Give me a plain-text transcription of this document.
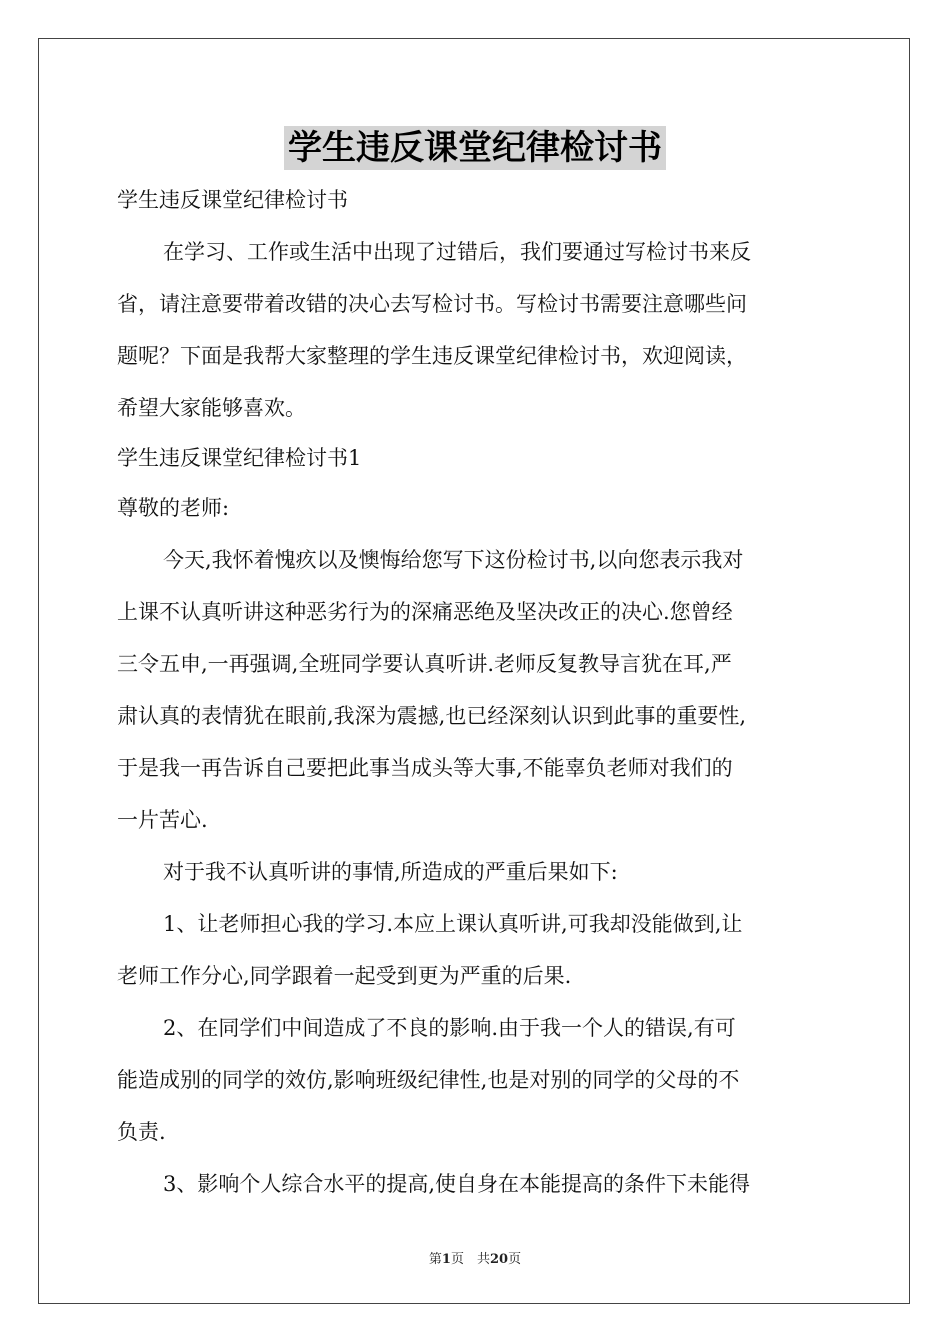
学生违反课堂纪律检讨书
学生违反课堂纪律检讨书
在学习、工作或生活中出现了过错后，我们要通过写检讨书来反
省，请注意要带着改错的决心去写检讨书。写检讨书需要注意哪些问
题呢？下面是我帮大家整理的学生违反课堂纪律检讨书，欢迎阅读，
希望大家能够喜欢。
学生违反课堂纪律检讨书1
尊敬的老师:
今天,我怀着愧疚以及懊悔给您写下这份检讨书,以向您表示我对
上课不认真听讲这种恶劣行为的深痛恶绝及坚决改正的决心.您曾经
三令五申,一再强调,全班同学要认真听讲.老师反复教导言犹在耳,严
肃认真的表情犹在眼前,我深为震撼,也已经深刻认识到此事的重要性,
于是我一再告诉自己要把此事当成头等大事,不能辜负老师对我们的
一片苦心.
对于我不认真听讲的事情,所造成的严重后果如下:
1、让老师担心我的学习.本应上课认真听讲,可我却没能做到,让
老师工作分心,同学跟着一起受到更为严重的后果.
2、在同学们中间造成了不良的影响.由于我一个人的错误,有可
能造成别的同学的效仿,影响班级纪律性,也是对别的同学的父母的不
负责.
3、影响个人综合水平的提高,使自身在本能提高的条件下未能得
第1页　共20页
